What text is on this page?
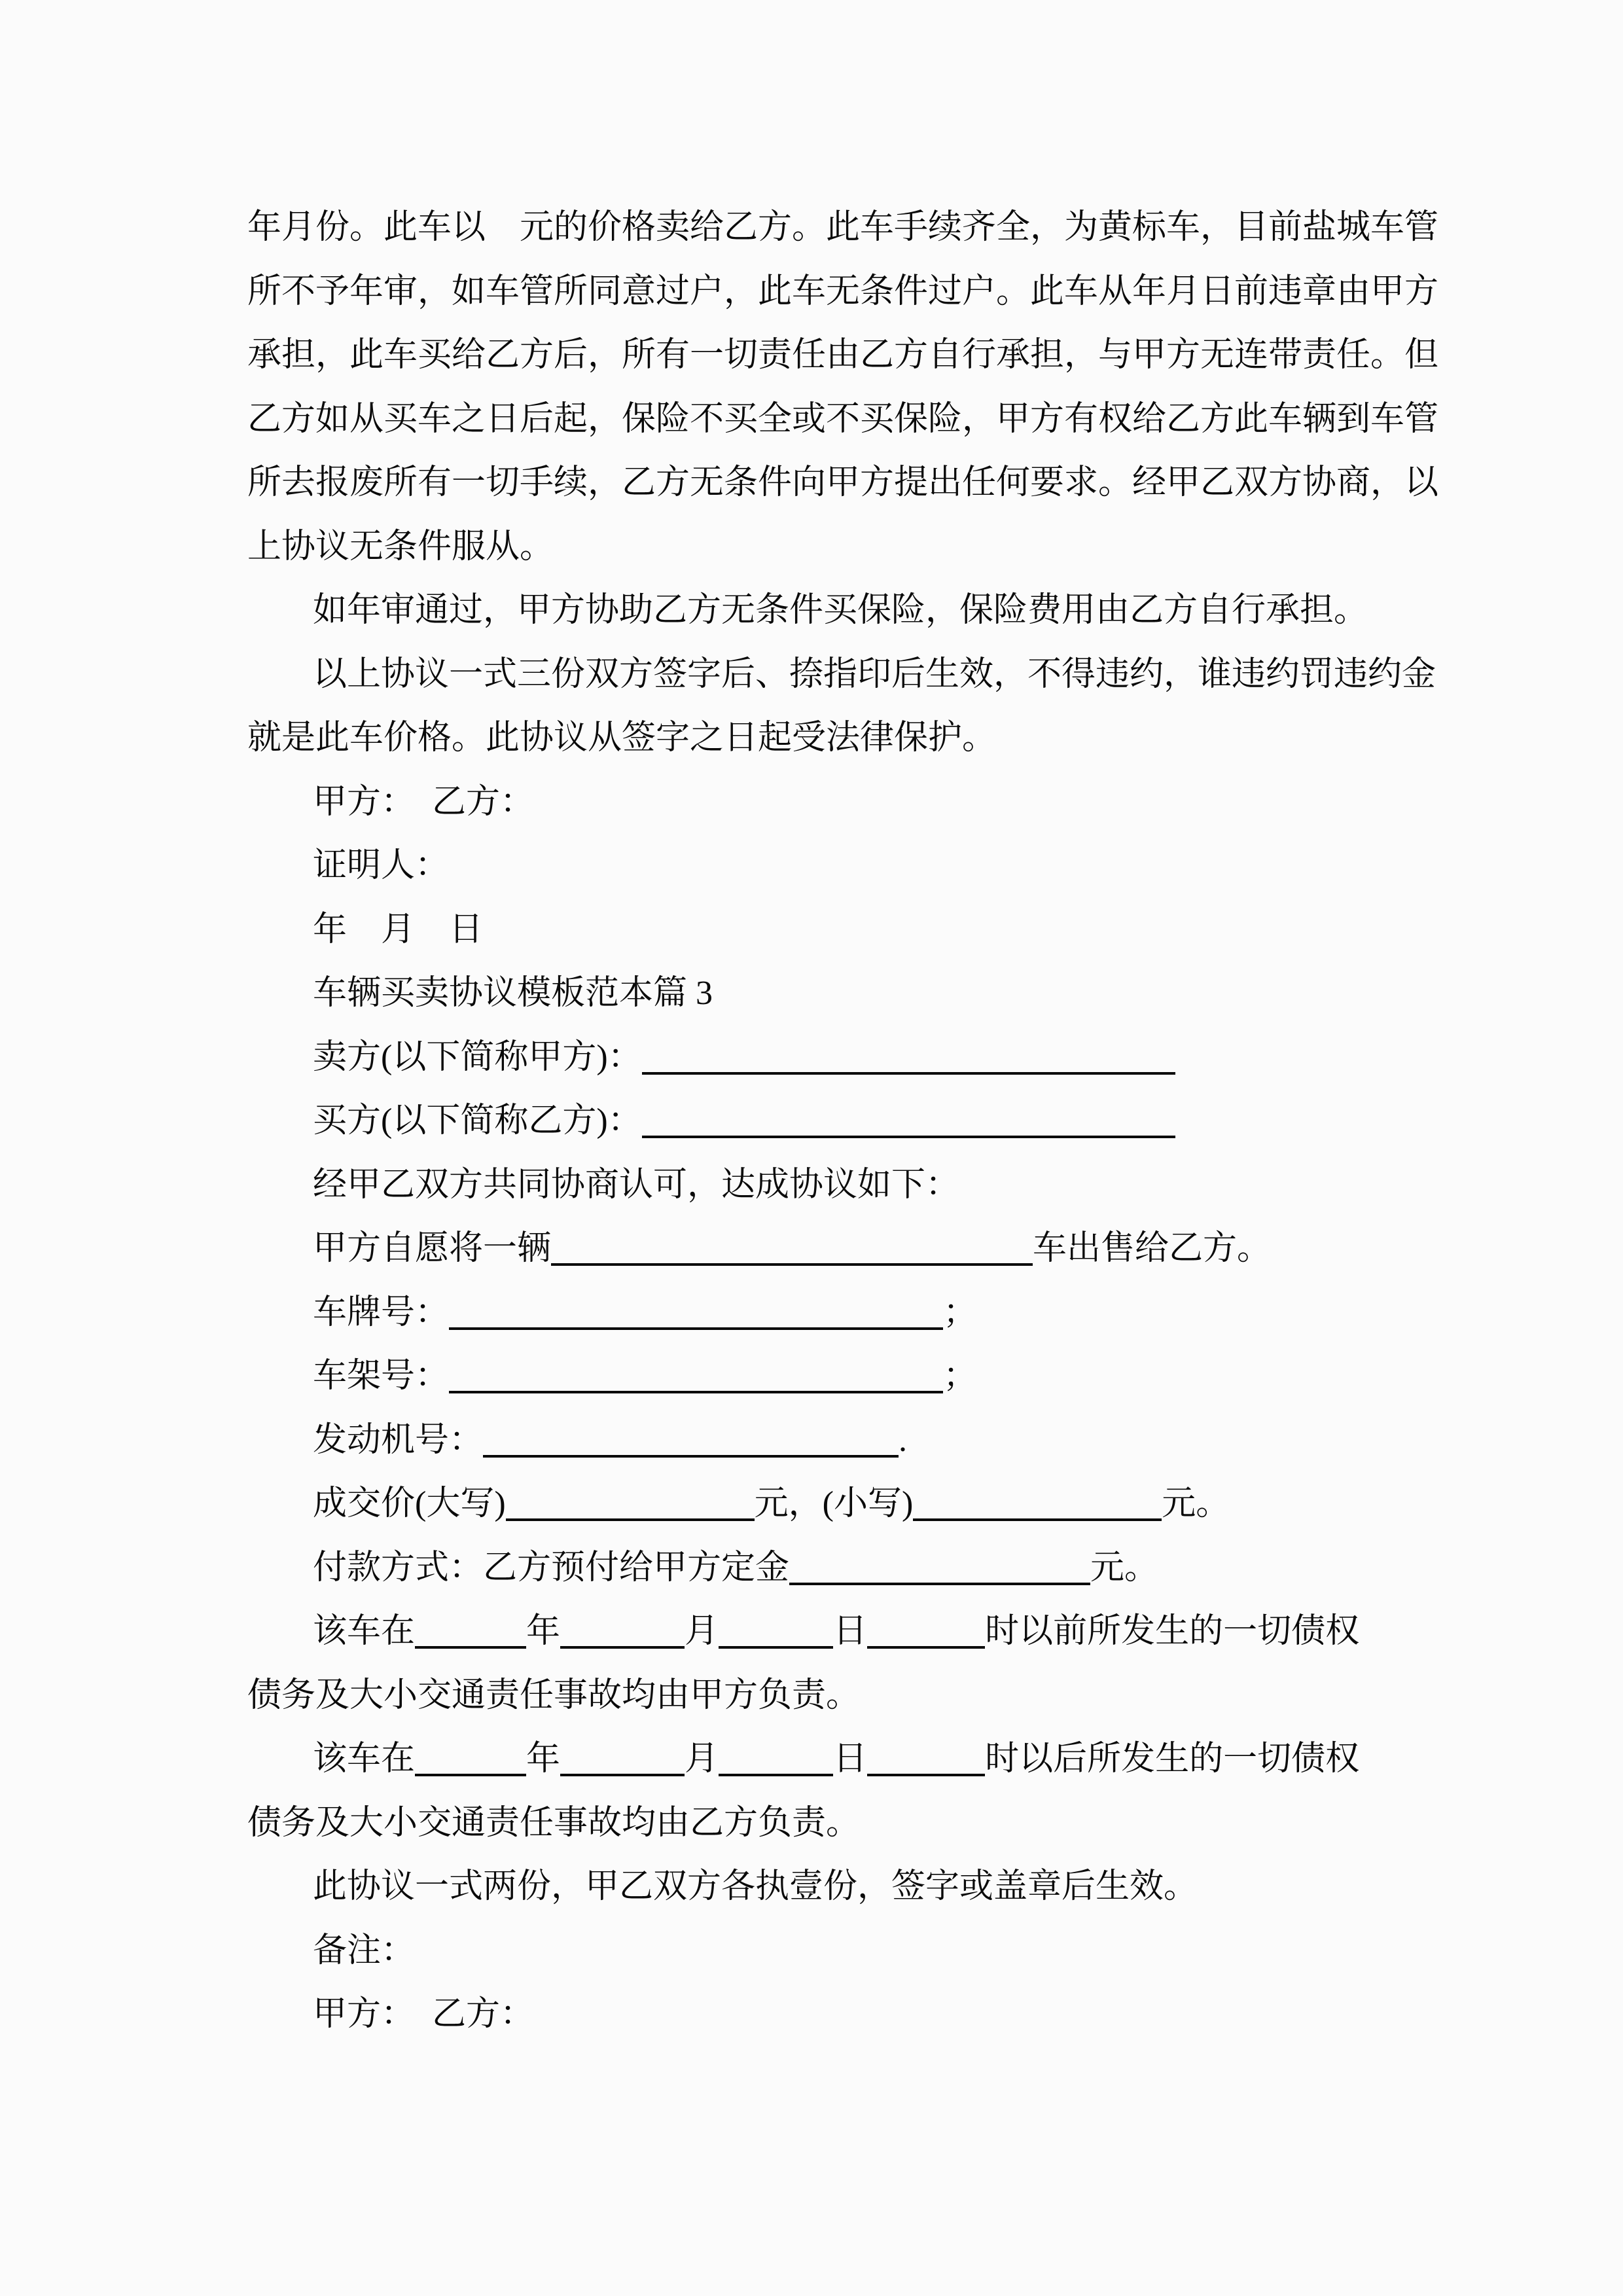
年月份。此车以　元的价格卖给乙方。此车手续齐全，为黄标车，目前盐城车管
所不予年审，如车管所同意过户，此车无条件过户。此车从年月日前违章由甲方
承担，此车买给乙方后，所有一切责任由乙方自行承担，与甲方无连带责任。但
乙方如从买车之日后起，保险不买全或不买保险，甲方有权给乙方此车辆到车管
所去报废所有一切手续，乙方无条件向甲方提出任何要求。经甲乙双方协商，以
上协议无条件服从。
如年审通过，甲方协助乙方无条件买保险，保险费用由乙方自行承担。
以上协议一式三份双方签字后、捺指印后生效，不得违约，谁违约罚违约金
就是此车价格。此协议从签字之日起受法律保护。
甲方：  乙方：
证明人：
年　月　日
车辆买卖协议模板范本篇 3
卖方(以下简称甲方)：
买方(以下简称乙方)：
经甲乙双方共同协商认可，达成协议如下：
甲方自愿将一辆	车出售给乙方。
车牌号：	；
车架号：	；
发动机号：	.
成交价(大写)	元，(小写)	元。
付款方式：乙方预付给甲方定金	元。
该车在	年	月	日	时以前所发生的一切债权
债务及大小交通责任事故均由甲方负责。
该车在	年	月	日	时以后所发生的一切债权
债务及大小交通责任事故均由乙方负责。
此协议一式两份，甲乙双方各执壹份，签字或盖章后生效。
备注：
甲方：  乙方：
